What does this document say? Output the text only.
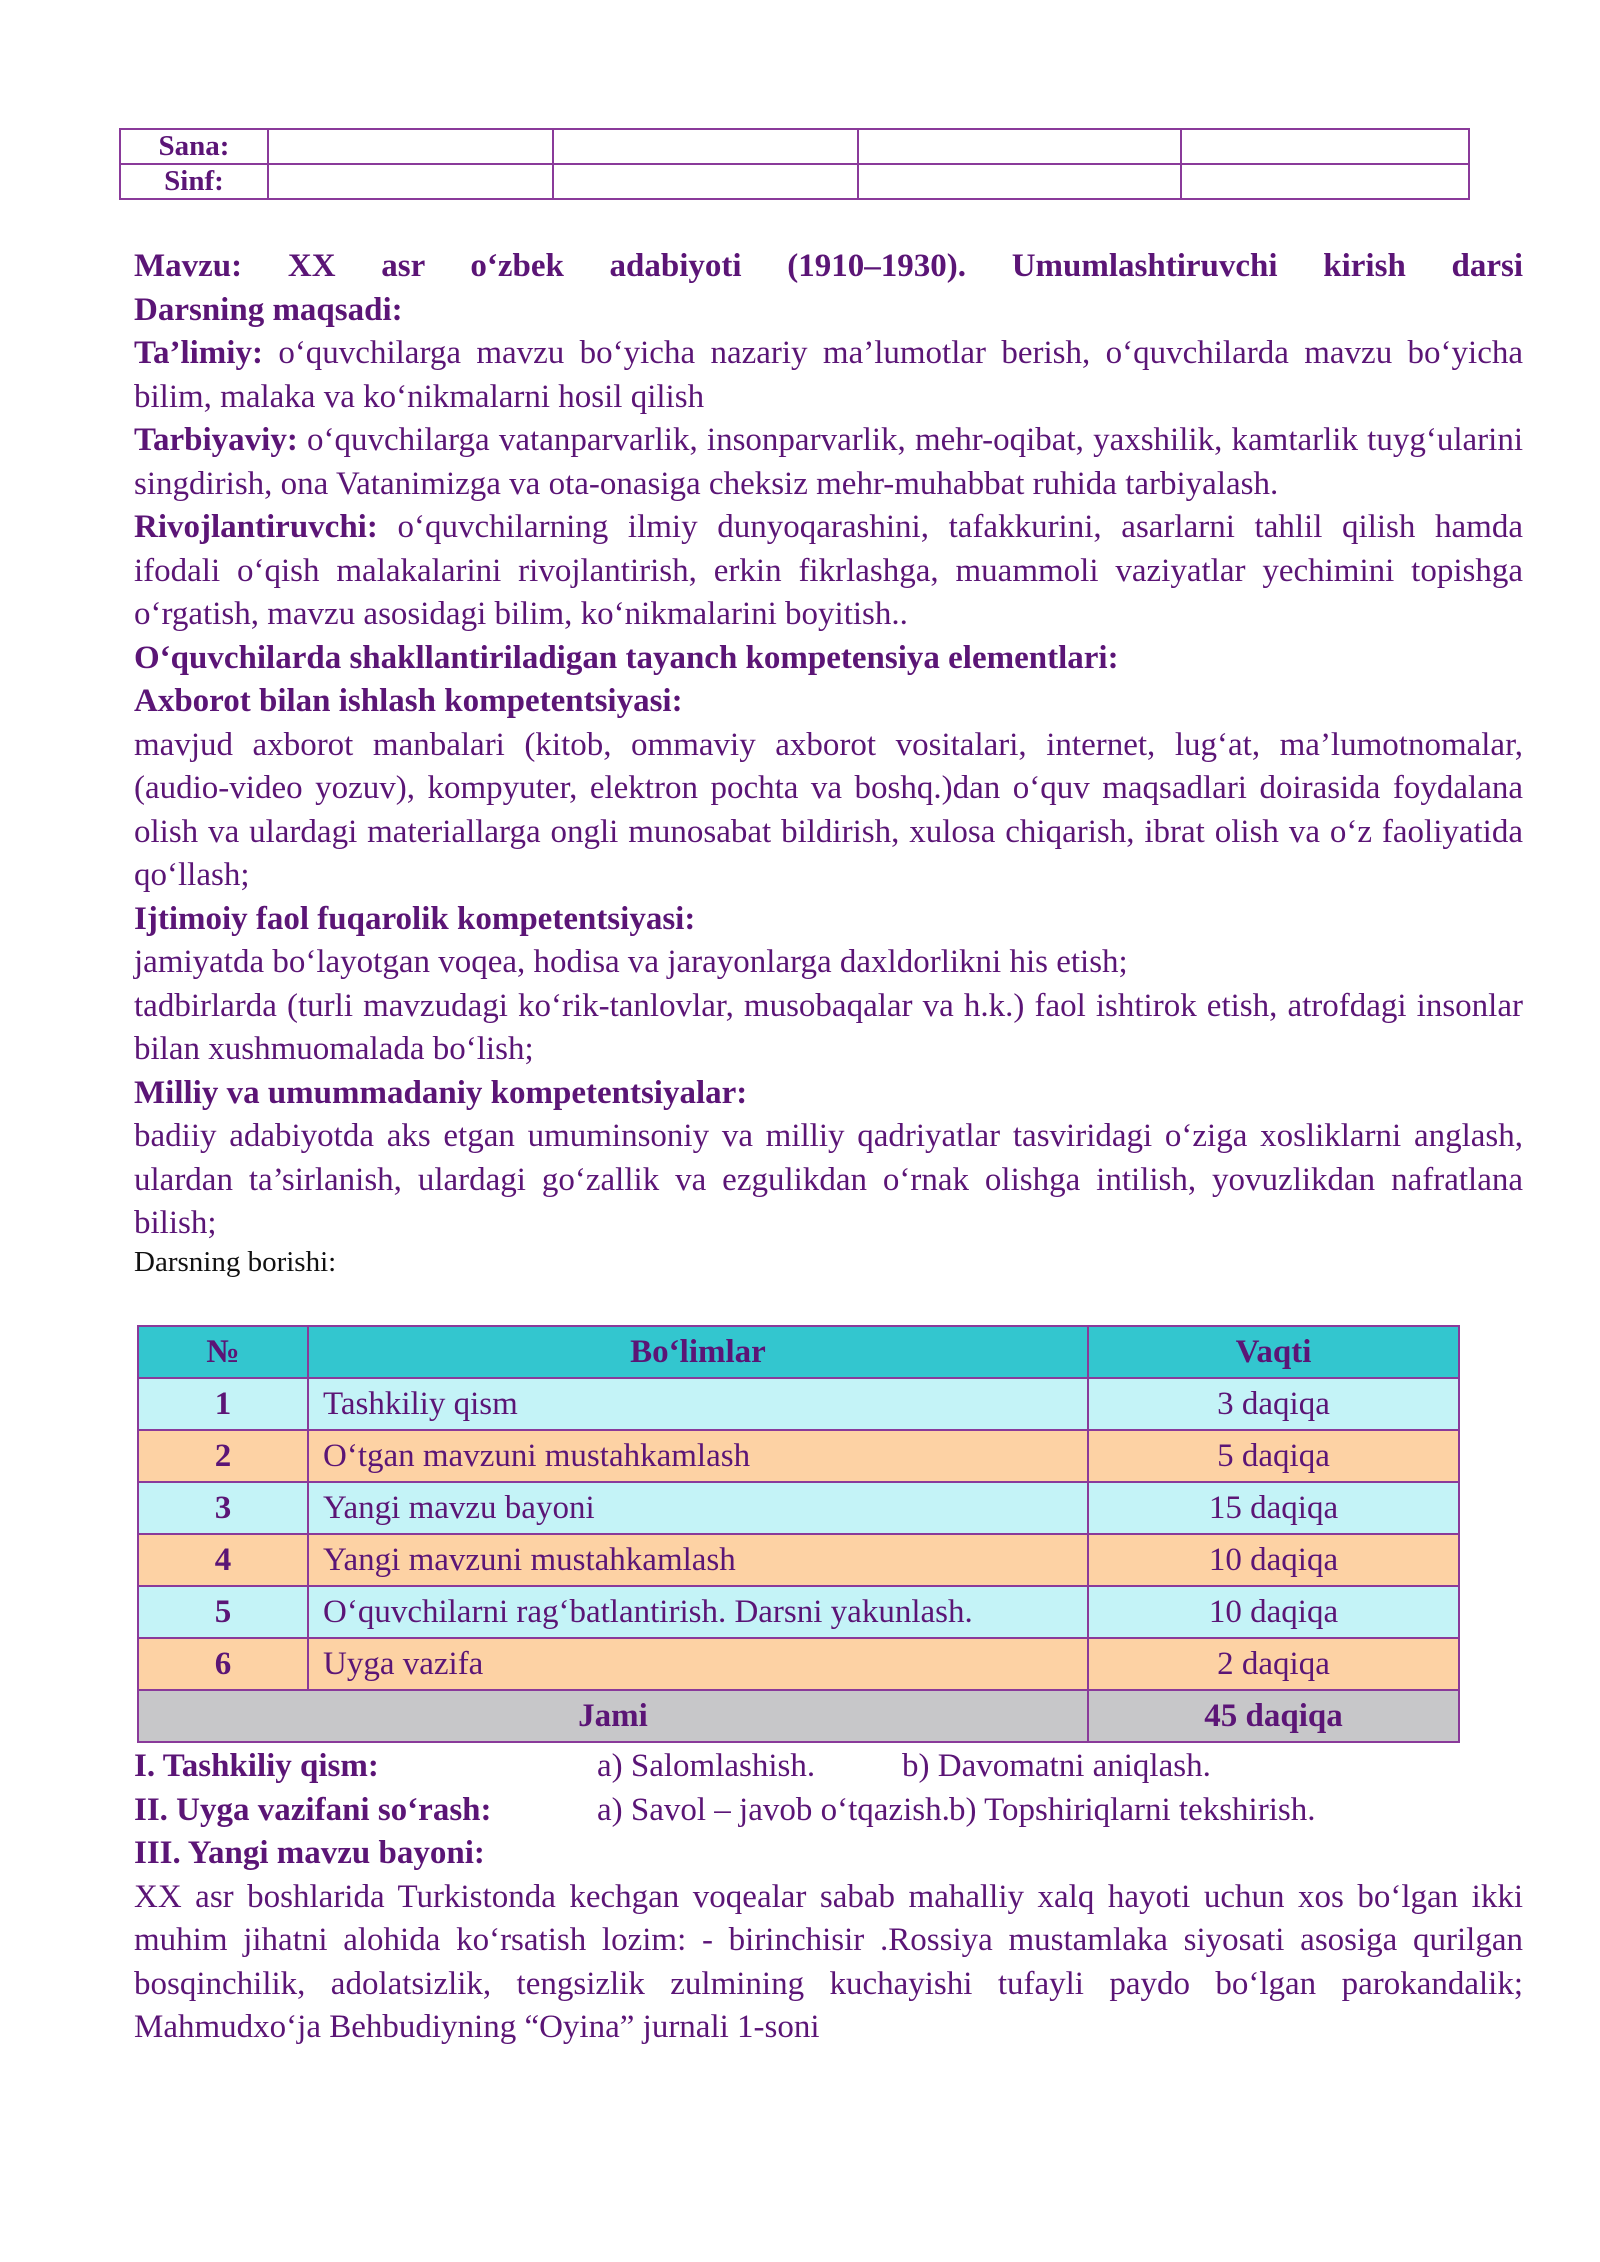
Sana:				
Sinf:				

Mavzu: XX asr o‘zbek adabiyoti (1910–1930). Umumlashtiruvchi kirish darsi

Darsning maqsadi:

Ta’limiy: o‘quvchilarga mavzu bo‘yicha nazariy ma’lumotlar berish, o‘quvchilarda mavzu bo‘yicha bilim, malaka va ko‘nikmalarni hosil qilish

Tarbiyaviy: o‘quvchilarga vatanparvarlik, insonparvarlik, mehr-oqibat, yaxshilik, kamtarlik tuyg‘ularini singdirish, ona Vatanimizga va ota-onasiga cheksiz mehr-muhabbat ruhida tarbiyalash.

Rivojlantiruvchi: o‘quvchilarning ilmiy dunyoqarashini, tafakkurini, asarlarni tahlil qilish hamda ifodali o‘qish malakalarini rivojlantirish, erkin fikrlashga, muammoli vaziyatlar yechimini topishga o‘rgatish, mavzu asosidagi bilim, ko‘nikmalarini boyitish..

O‘quvchilarda shakllantiriladigan tayanch kompetensiya elementlari:

Axborot bilan ishlash kompetentsiyasi:

mavjud axborot manbalari (kitob, ommaviy axborot vositalari, internet, lug‘at, ma’lumotnomalar, (audio-video yozuv), kompyuter, elektron pochta va boshq.)dan o‘quv maqsadlari doirasida foydalana olish va ulardagi materiallarga ongli munosabat bildirish, xulosa chiqarish, ibrat olish va o‘z faoliyatida qo‘llash;

Ijtimoiy faol fuqarolik kompetentsiyasi:

jamiyatda bo‘layotgan voqea, hodisa va jarayonlarga daxldorlikni his etish;

tadbirlarda (turli mavzudagi ko‘rik-tanlovlar, musobaqalar va h.k.) faol ishtirok etish, atrofdagi insonlar bilan xushmuomalada bo‘lish;

Milliy va umummadaniy kompetentsiyalar:

badiiy adabiyotda aks etgan umuminsoniy va milliy qadriyatlar tasviridagi o‘ziga xosliklarni anglash, ulardan ta’sirlanish, ulardagi go‘zallik va ezgulikdan o‘rnak olishga intilish, yovuzlikdan nafratlana bilish;

Darsning borishi:

№	Bo‘limlar	Vaqti
1	Tashkiliy qism	3 daqiqa
2	O‘tgan mavzuni mustahkamlash	5 daqiqa
3	Yangi mavzu bayoni	15 daqiqa
4	Yangi mavzuni mustahkamlash	10 daqiqa
5	O‘quvchilarni rag‘batlantirish. Darsni yakunlash.	10 daqiqa
6	Uyga vazifa	2 daqiqa
Jami		45 daqiqa
I. Tashkiliy qism:	a) Salomlashish.	b) Davomatni aniqlash.
II. Uyga vazifani so‘rash:	a) Savol – javob o‘tqazish. b) Topshiriqlarni tekshirish.

III. Yangi mavzu bayoni:

XX asr boshlarida Turkistonda kechgan voqealar sabab mahalliy xalq hayoti uchun xos bo‘lgan ikki muhim jihatni alohida ko‘rsatish lozim: - birinchisir .Rossiya mustamlaka siyosati asosiga qurilgan bosqinchilik, adolatsizlik, tengsizlik zulmining kuchayishi tufayli paydo bo‘lgan parokandalik; Mahmudxo‘ja Behbudiyning “Oyina” jurnali 1-soni
